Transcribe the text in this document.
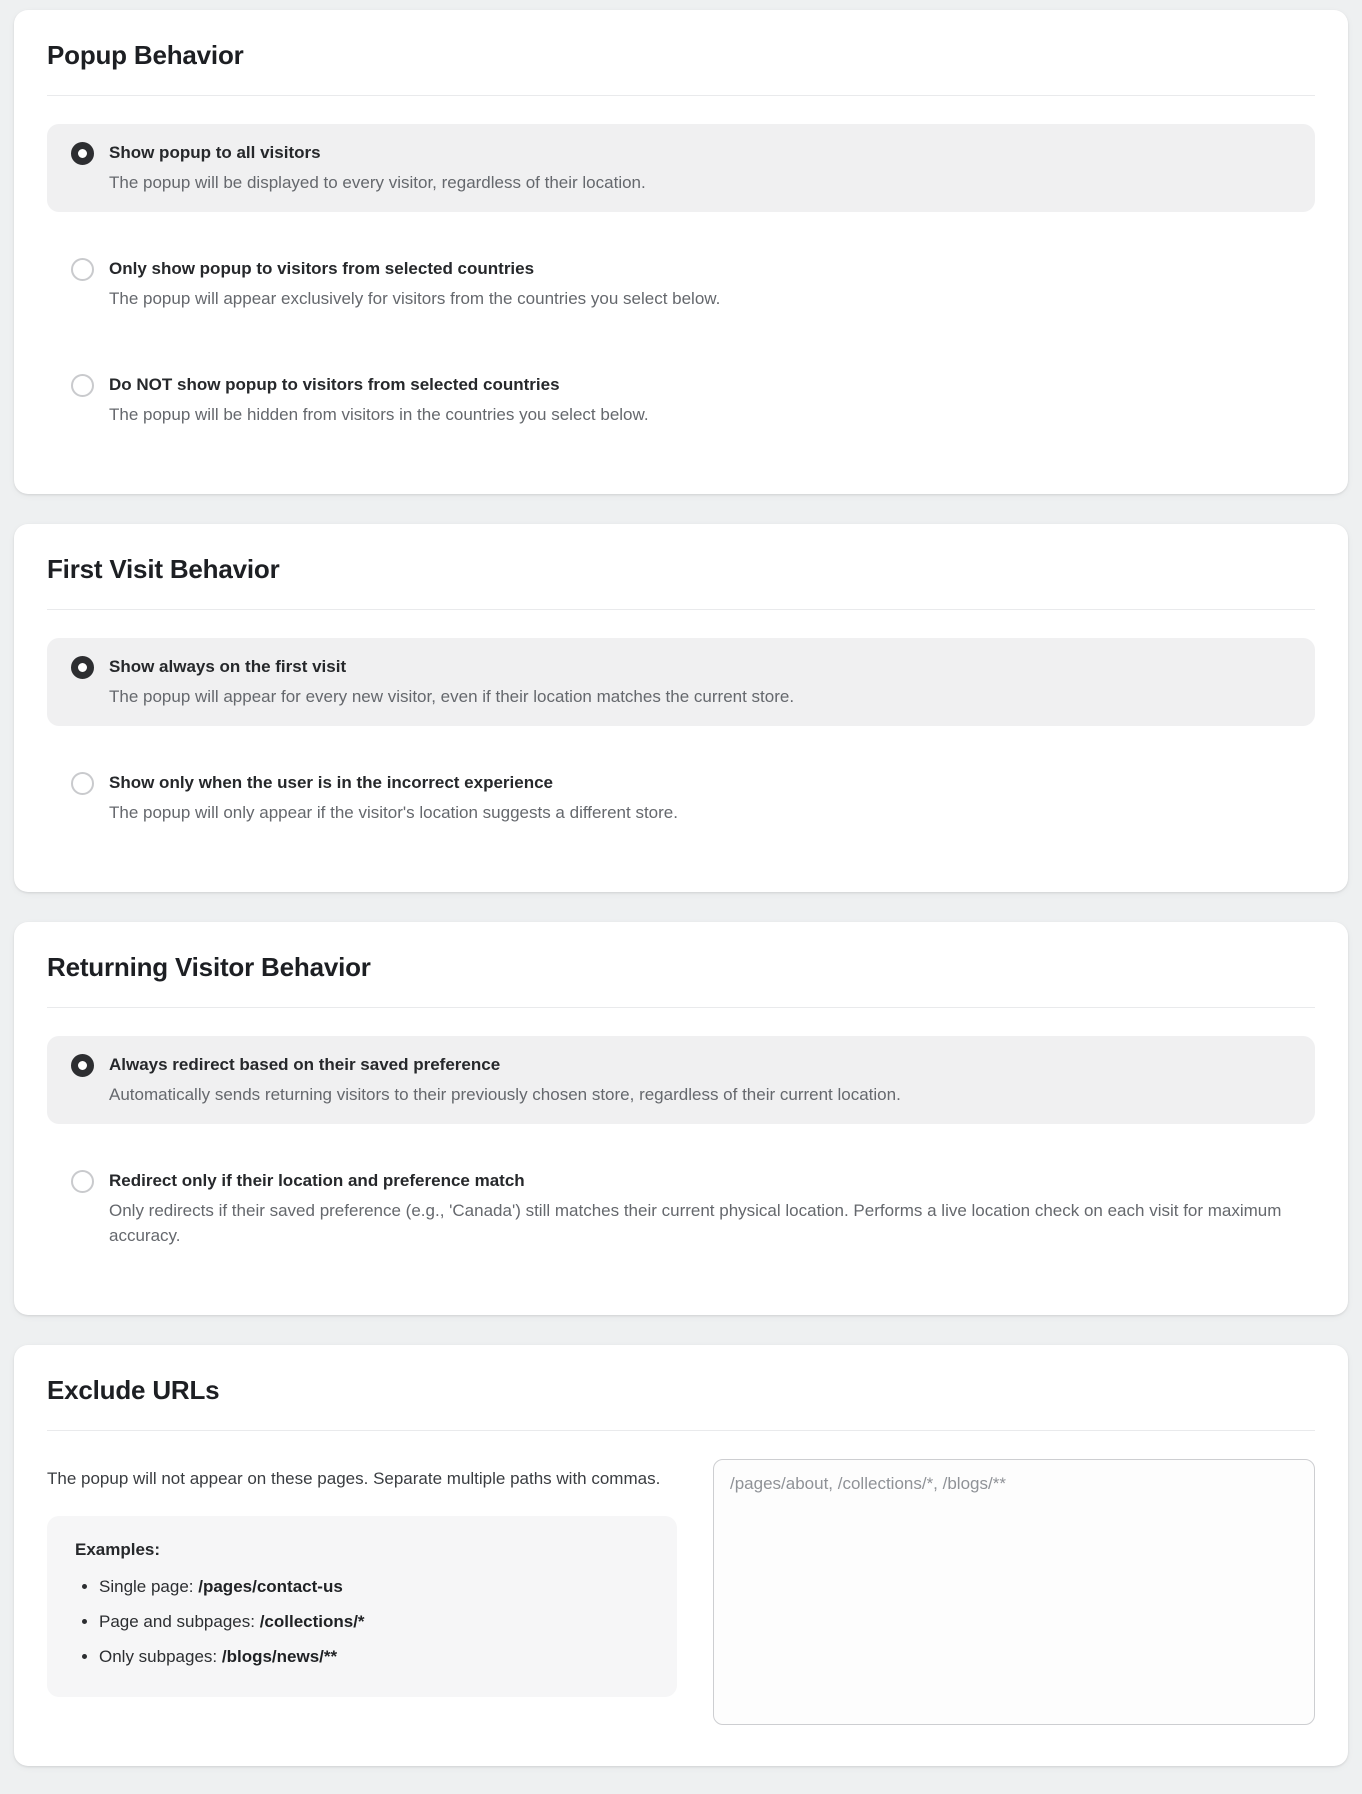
Popup Behavior
Show popup to all visitors
The popup will be displayed to every visitor, regardless of their location.
Only show popup to visitors from selected countries
The popup will appear exclusively for visitors from the countries you select below.
Do NOT show popup to visitors from selected countries
The popup will be hidden from visitors in the countries you select below.
First Visit Behavior
Show always on the first visit
The popup will appear for every new visitor, even if their location matches the current store.
Show only when the user is in the incorrect experience
The popup will only appear if the visitor's location suggests a different store.
Returning Visitor Behavior
Always redirect based on their saved preference
Automatically sends returning visitors to their previously chosen store, regardless of their current location.
Redirect only if their location and preference match
Only redirects if their saved preference (e.g., 'Canada') still matches their current physical location. Performs a live location check on each visit for maximum accuracy.
Exclude URLs

The popup will not appear on these pages. Separate multiple paths with commas.

Examples:
• Single page: /pages/contact-us
• Page and subpages: /collections/*
• Only subpages: /blogs/news/**
/pages/about, /collections/*, /blogs/**
